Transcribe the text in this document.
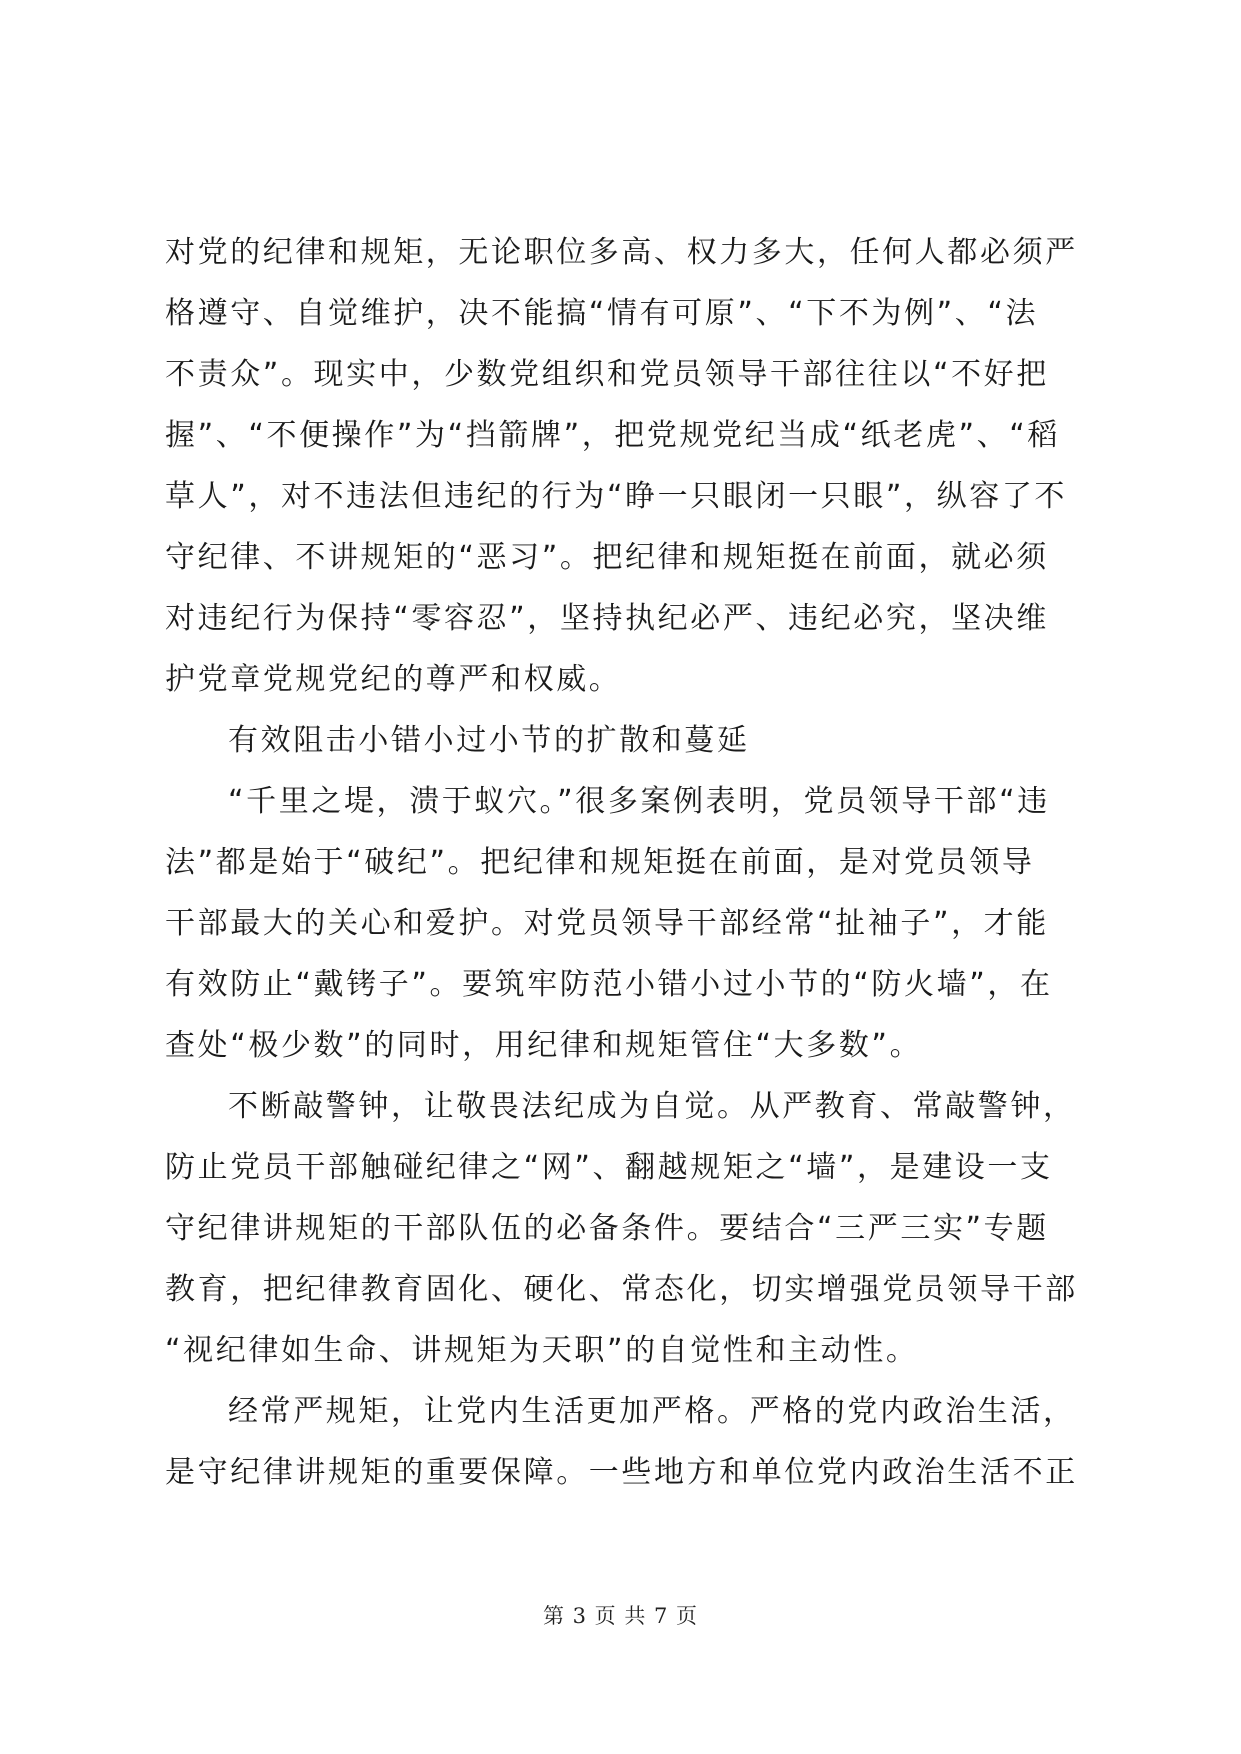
对党的纪律和规矩，无论职位多高、权力多大，任何人都必须严
格遵守、自觉维护，决不能搞“情有可原”、“下不为例”、“法
不责众”。现实中，少数党组织和党员领导干部往往以“不好把
握”、“不便操作”为“挡箭牌”，把党规党纪当成“纸老虎”、“稻
草人”，对不违法但违纪的行为“睁一只眼闭一只眼”，纵容了不
守纪律、不讲规矩的“恶习”。把纪律和规矩挺在前面，就必须
对违纪行为保持“零容忍”，坚持执纪必严、违纪必究，坚决维
护党章党规党纪的尊严和权威。
有效阻击小错小过小节的扩散和蔓延
“千里之堤，溃于蚁穴。”很多案例表明，党员领导干部“违
法”都是始于“破纪”。把纪律和规矩挺在前面，是对党员领导
干部最大的关心和爱护。对党员领导干部经常“扯袖子”，才能
有效防止“戴铐子”。要筑牢防范小错小过小节的“防火墙”，在
查处“极少数”的同时，用纪律和规矩管住“大多数”。
不断敲警钟，让敬畏法纪成为自觉。从严教育、常敲警钟，
防止党员干部触碰纪律之“网”、翻越规矩之“墙”，是建设一支
守纪律讲规矩的干部队伍的必备条件。要结合“三严三实”专题
教育，把纪律教育固化、硬化、常态化，切实增强党员领导干部
“视纪律如生命、讲规矩为天职”的自觉性和主动性。
经常严规矩，让党内生活更加严格。严格的党内政治生活，
是守纪律讲规矩的重要保障。一些地方和单位党内政治生活不正
第 3 页 共 7 页
